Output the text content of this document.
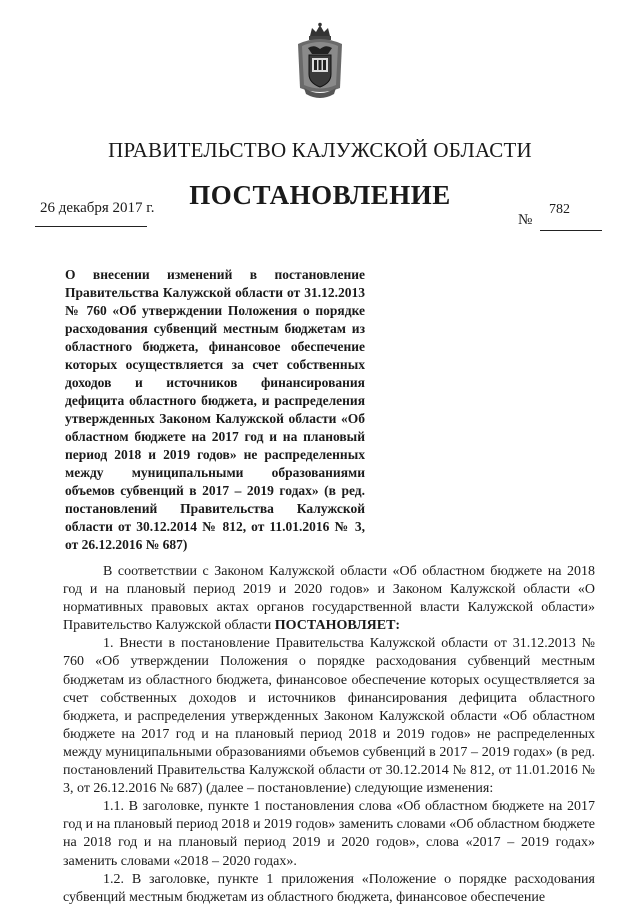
ПРАВИТЕЛЬСТВО КАЛУЖСКОЙ ОБЛАСТИ
ПОСТАНОВЛЕНИЕ
26 декабря 2017 г.
№
782
О внесении изменений в постановление Правительства Калужской области от 31.12.2013 № 760 «Об утверждении Положения о порядке расходования субвенций местным бюджетам из областного бюджета, финансовое обеспечение которых осуществляется за счет собственных доходов и источников финансирования дефицита областного бюджета, и распределения утвержденных Законом Калужской области «Об областном бюджете на 2017 год и на плановый период 2018 и 2019 годов» не распределенных между муниципальными образованиями объемов субвенций в 2017 – 2019 годах» (в ред. постановлений Правительства Калужской области от 30.12.2014 № 812, от 11.01.2016 № 3,
от 26.12.2016 № 687)

В соответствии с Законом Калужской области «Об областном бюджете на 2018 год и на плановый период 2019 и 2020 годов» и Законом Калужской области «О нормативных правовых актах органов государственной власти Калужской области» Правительство Калужской области ПОСТАНОВЛЯЕТ:

1. Внести в постановление Правительства Калужской области от 31.12.2013 № 760 «Об утверждении Положения о порядке расходования субвенций местным бюджетам из областного бюджета, финансовое обеспечение которых осуществляется за счет собственных доходов и источников финансирования дефицита областного бюджета, и распределения утвержденных Законом Калужской области «Об областном бюджете на 2017 год и на плановый период 2018 и 2019 годов» не распределенных между муниципальными образованиями объемов субвенций в 2017 – 2019 годах» (в ред. постановлений Правительства Калужской области от 30.12.2014 № 812, от 11.01.2016 № 3, от 26.12.2016 № 687) (далее – постановление) следующие изменения:

1.1. В заголовке, пункте 1 постановления слова «Об областном бюджете на 2017 год и на плановый период 2018 и 2019 годов» заменить словами «Об областном бюджете на 2018 год и на плановый период 2019 и 2020 годов», слова «2017 – 2019 годах» заменить словами «2018 – 2020 годах».

1.2. В заголовке, пункте 1 приложения «Положение о порядке расходования субвенций местным бюджетам из областного бюджета, финансовое обеспечение
